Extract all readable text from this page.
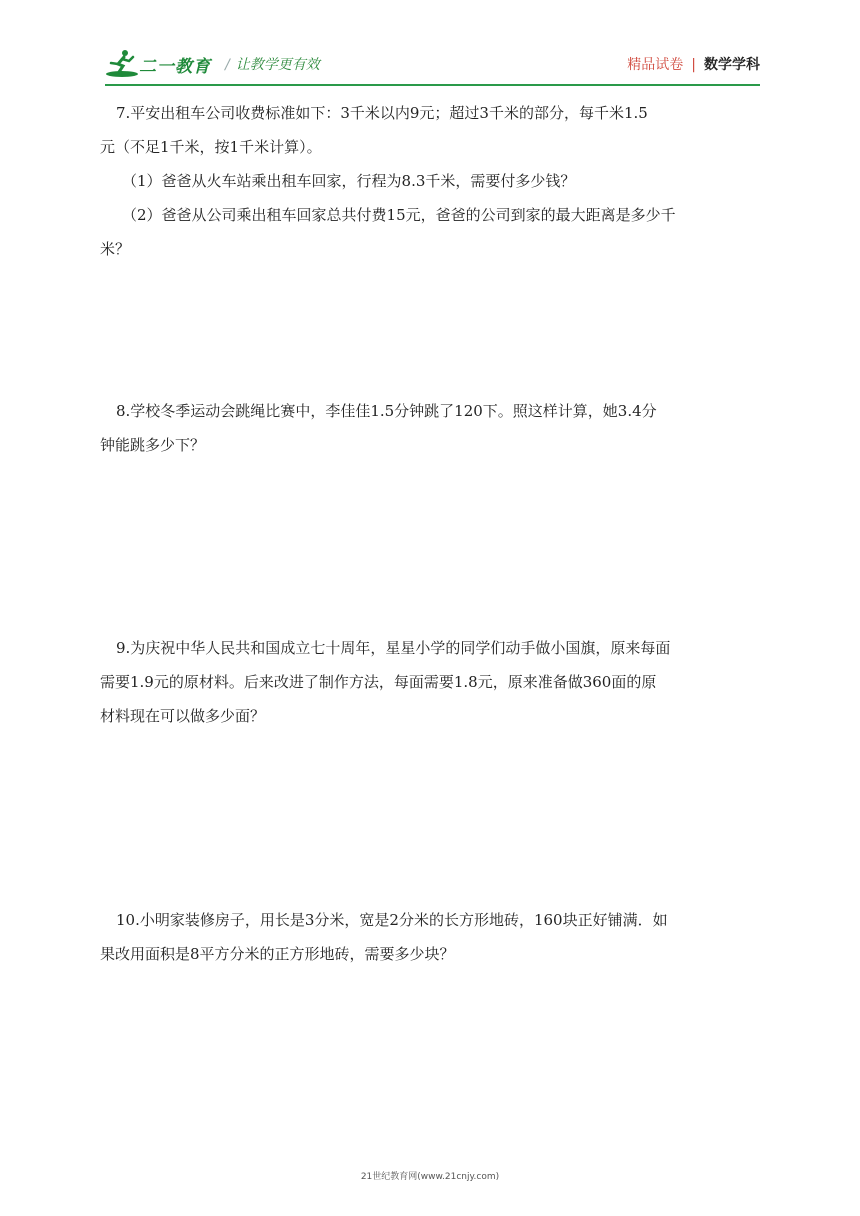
二一教育 / 让教学更有效	精品试卷 | 数学学科

7.平安出租车公司收费标准如下：3千米以内9元；超过3千米的部分，每千米1.5

元（不足1千米，按1千米计算）。

（1）爸爸从火车站乘出租车回家，行程为8.3千米，需要付多少钱？

（2）爸爸从公司乘出租车回家总共付费15元，爸爸的公司到家的最大距离是多少千

米？

8.学校冬季运动会跳绳比赛中，李佳佳1.5分钟跳了120下。照这样计算，她3.4分

钟能跳多少下？

9.为庆祝中华人民共和国成立七十周年，星星小学的同学们动手做小国旗，原来每面

需要1.9元的原材料。后来改进了制作方法，每面需要1.8元，原来准备做360面的原

材料现在可以做多少面？

10.小明家装修房子，用长是3分米，宽是2分米的长方形地砖，160块正好铺满．如

果改用面积是8平方分米的正方形地砖，需要多少块？

21世纪教育网(www.21cnjy.com)
